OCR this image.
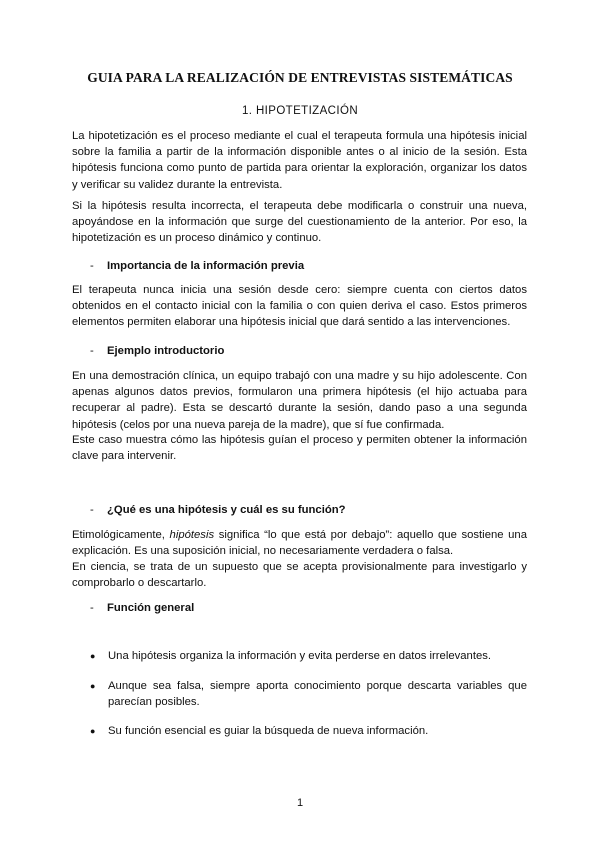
GUIA PARA LA REALIZACIÓN DE ENTREVISTAS SISTEMÁTICAS
1. HIPOTETIZACIÓN

La hipotetización es el proceso mediante el cual el terapeuta formula una hipótesis inicial sobre la familia a partir de la información disponible antes o al inicio de la sesión. Esta hipótesis funciona como punto de partida para orientar la exploración, organizar los datos y verificar su validez durante la entrevista.

Si la hipótesis resulta incorrecta, el terapeuta debe modificarla o construir una nueva, apoyándose en la información que surge del cuestionamiento de la anterior. Por eso, la hipotetización es un proceso dinámico y continuo.

- Importancia de la información previa

El terapeuta nunca inicia una sesión desde cero: siempre cuenta con ciertos datos obtenidos en el contacto inicial con la familia o con quien deriva el caso. Estos primeros elementos permiten elaborar una hipótesis inicial que dará sentido a las intervenciones.

- Ejemplo introductorio

En una demostración clínica, un equipo trabajó con una madre y su hijo adolescente. Con apenas algunos datos previos, formularon una primera hipótesis (el hijo actuaba para recuperar al padre). Esta se descartó durante la sesión, dando paso a una segunda hipótesis (celos por una nueva pareja de la madre), que sí fue confirmada.

Este caso muestra cómo las hipótesis guían el proceso y permiten obtener la información clave para intervenir.

- ¿Qué es una hipótesis y cuál es su función?

Etimológicamente, hipótesis significa “lo que está por debajo”: aquello que sostiene una explicación. Es una suposición inicial, no necesariamente verdadera o falsa.

En ciencia, se trata de un supuesto que se acepta provisionalmente para investigarlo y comprobarlo o descartarlo.

- Función general
● Una hipótesis organiza la información y evita perderse en datos irrelevantes.
● Aunque sea falsa, siempre aporta conocimiento porque descarta variables que parecían posibles.
● Su función esencial es guiar la búsqueda de nueva información.
1
